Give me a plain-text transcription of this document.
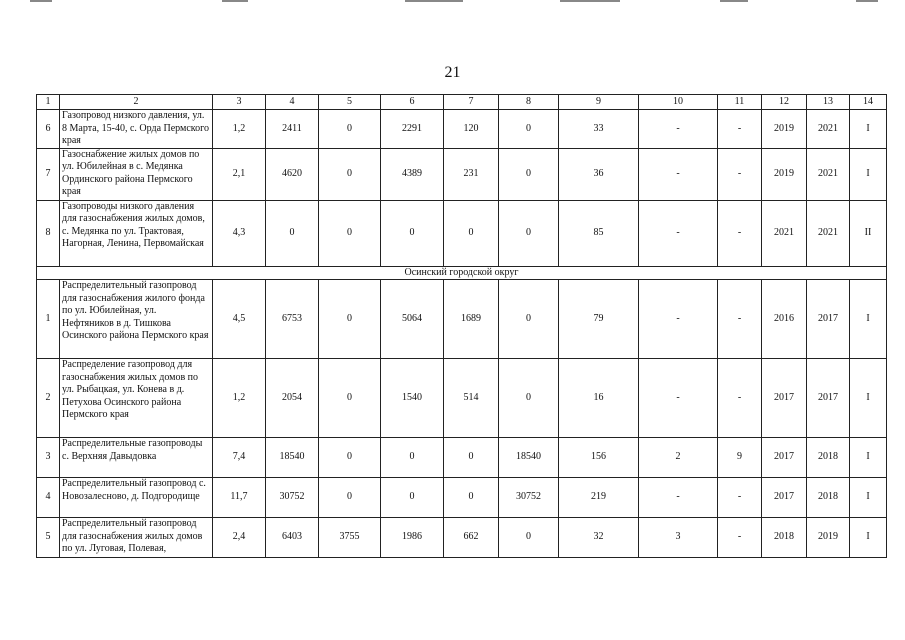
21
1	2	3	4	5	6	7	8	9	10	11	12	13	14
6	Газопровод низкого давления, ул. 8 Марта, 15-40, с. Орда Пермского края	1,2	2411	0	2291	120	0	33	-	-	2019	2021	I
7	Газоснабжение жилых домов по ул. Юбилейная в с. Медянка Ординского района Пермского края	2,1	4620	0	4389	231	0	36	-	-	2019	2021	I
8	Газопроводы низкого давления для газоснабжения жилых домов, с. Медянка по ул. Трактовая, Нагорная, Ленина, Первомайская	4,3	0	0	0	0	0	85	-	-	2021	2021	II
Осинский городской округ													
1	Распределительный газопровод для газоснабжения жилого фонда по ул. Юбилейная, ул. Нефтяников в д. Тишкова Осинского района Пермского края	4,5	6753	0	5064	1689	0	79	-	-	2016	2017	I
2	Распределение газопровод для газоснабжения жилых домов по ул. Рыбацкая, ул. Конева в д. Петухова Осинского района Пермского края	1,2	2054	0	1540	514	0	16	-	-	2017	2017	I
3	Распределительные газопроводы с. Верхняя Давыдовка	7,4	18540	0	0	0	18540	156	2	9	2017	2018	I
4	Распределительный газопровод с. Новозалесново, д. Подгородище	11,7	30752	0	0	0	30752	219	-	-	2017	2018	I
5	Распределительный газопровод для газоснабжения жилых домов по ул. Луговая, Полевая,	2,4	6403	3755	1986	662	0	32	3	-	2018	2019	I
